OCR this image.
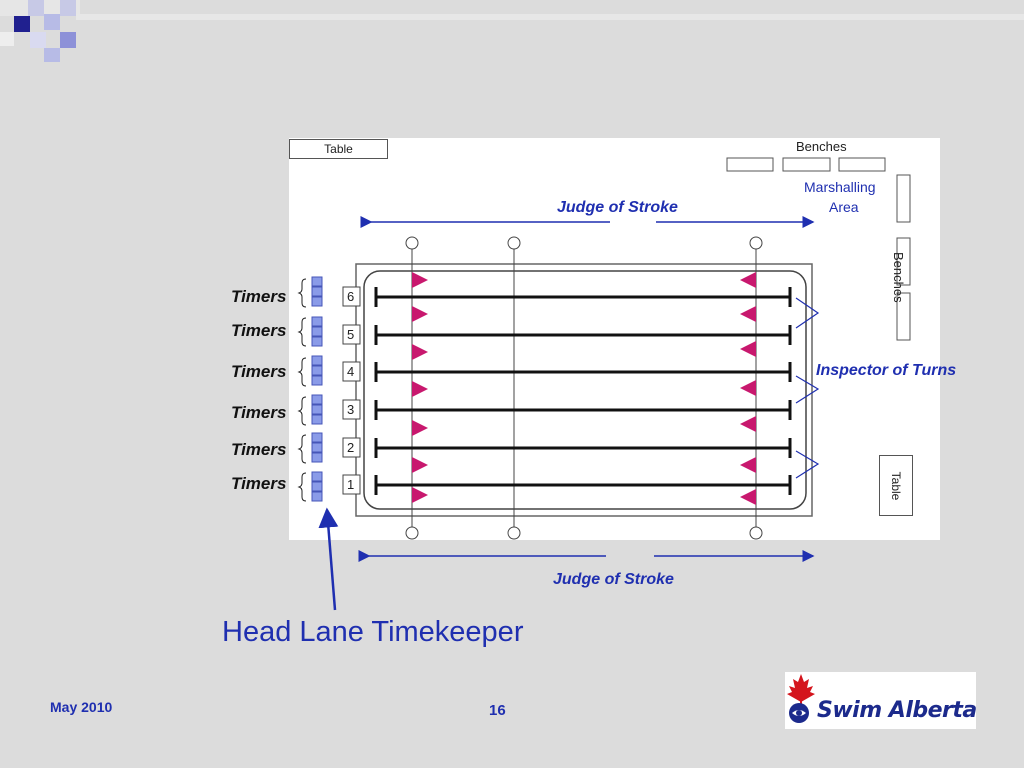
Table
Table
Benches
Benches
Marshalling
Area
Judge of Stroke
Judge of Stroke
Inspector of Turns
Timers
Timers
Timers
Timers
Timers
Timers
6
5
4
3
2
1
Head Lane Timekeeper
May 2010	16	Swim Alberta
